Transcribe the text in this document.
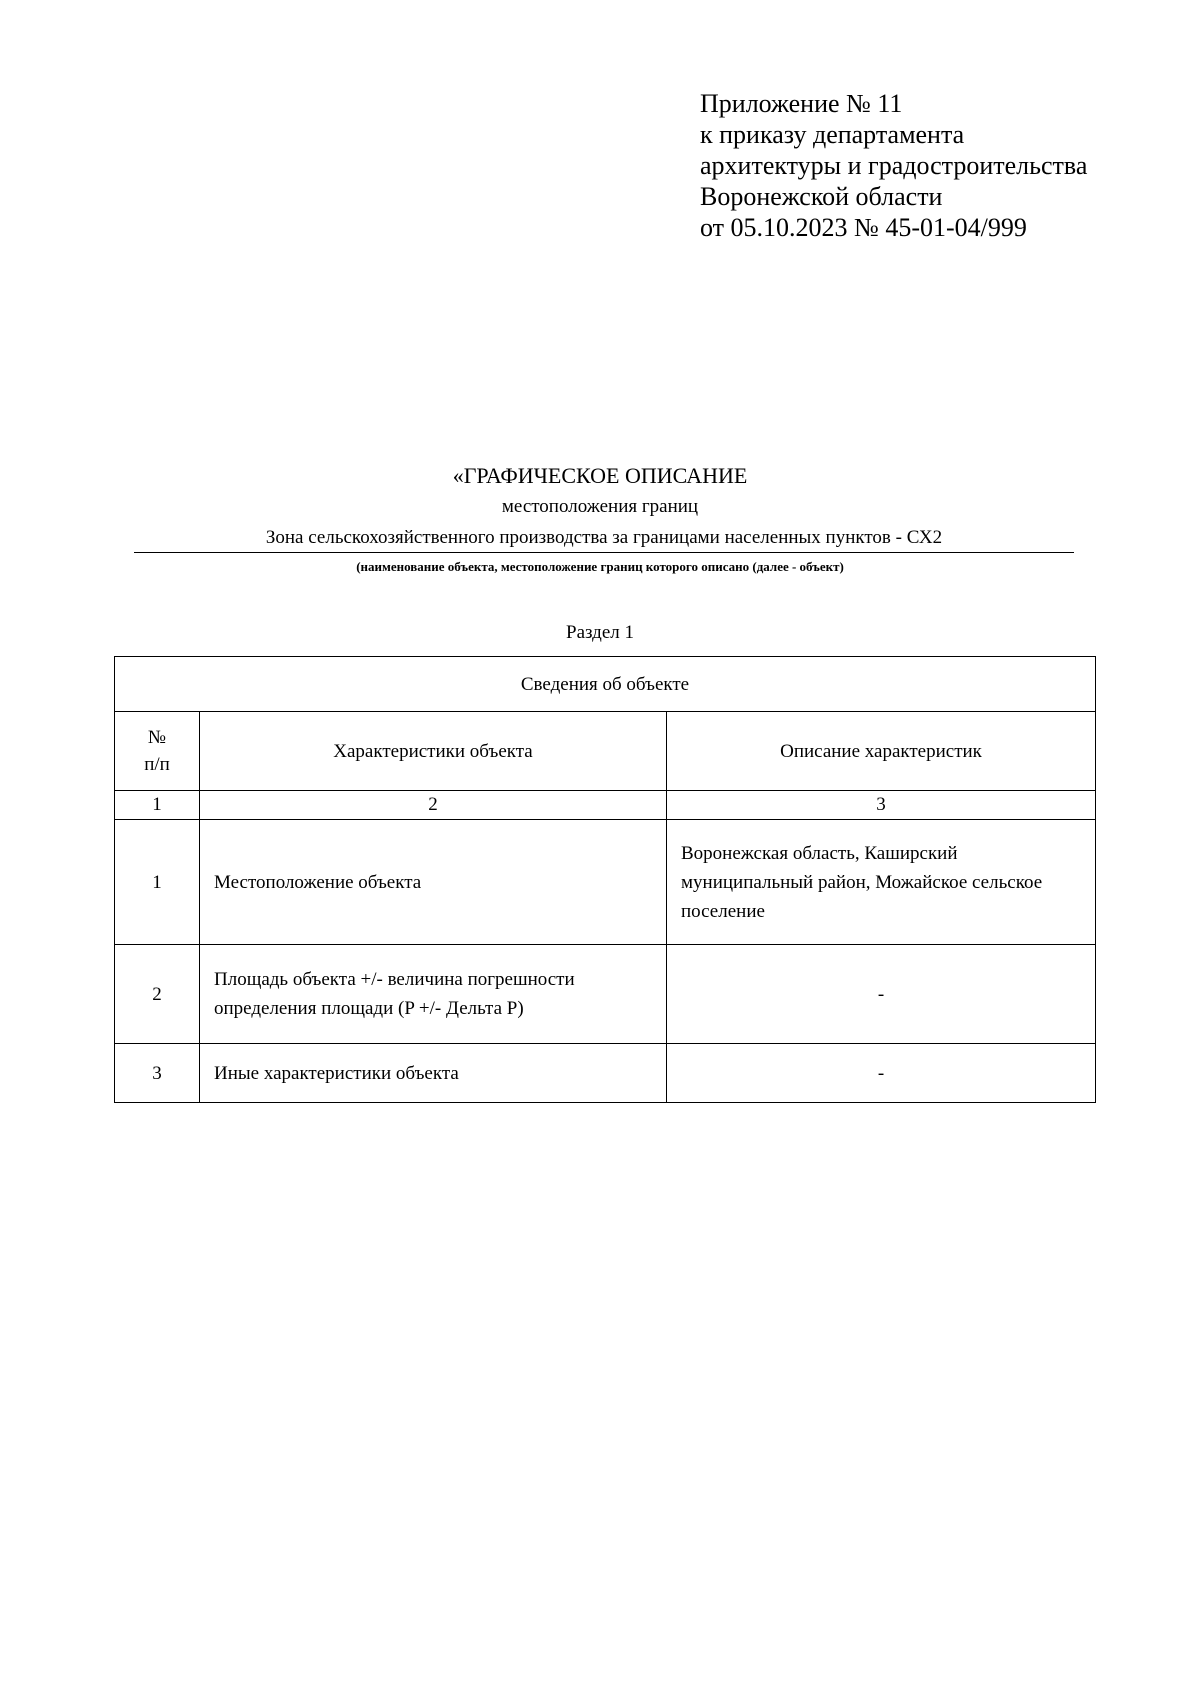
Приложение № 11
к приказу департамента
архитектуры и градостроительства
Воронежской области
от 05.10.2023 № 45-01-04/999
«ГРАФИЧЕСКОЕ ОПИСАНИЕ
местоположения границ
Зона сельскохозяйственного производства за границами населенных пунктов - СХ2
(наименование объекта, местоположение границ которого описано (далее - объект)
Раздел 1
Сведения об объекте		
№
п/п	Характеристики объекта	Описание характеристик
1	2	3
1	Местоположение объекта	Воронежская область, Каширский муниципальный район, Можайское сельское поселение
2	Площадь объекта +/- величина погрешности определения площади (P +/- Дельта P)	-
3	Иные характеристики объекта	-
